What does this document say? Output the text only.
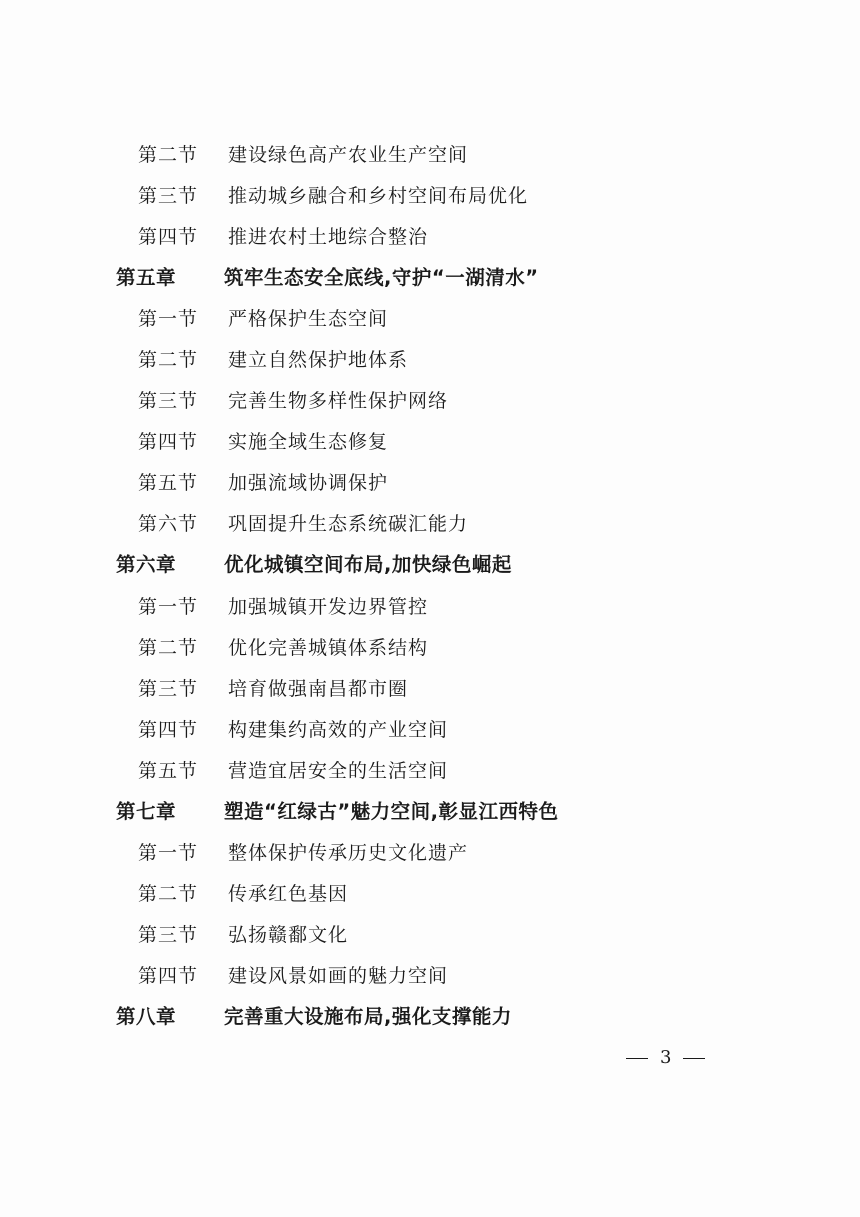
第二节 建设绿色高产农业生产空间
第三节 推动城乡融合和乡村空间布局优化
第四节 推进农村土地综合整治
第五章 筑牢生态安全底线,守护“一湖清水”
第一节 严格保护生态空间
第二节 建立自然保护地体系
第三节 完善生物多样性保护网络
第四节 实施全域生态修复
第五节 加强流域协调保护
第六节 巩固提升生态系统碳汇能力
第六章 优化城镇空间布局,加快绿色崛起
第一节 加强城镇开发边界管控
第二节 优化完善城镇体系结构
第三节 培育做强南昌都市圈
第四节 构建集约高效的产业空间
第五节 营造宜居安全的生活空间
第七章 塑造“红绿古”魅力空间,彰显江西特色
第一节 整体保护传承历史文化遗产
第二节 传承红色基因
第三节 弘扬赣鄱文化
第四节 建设风景如画的魅力空间
第八章 完善重大设施布局,强化支撑能力
3
